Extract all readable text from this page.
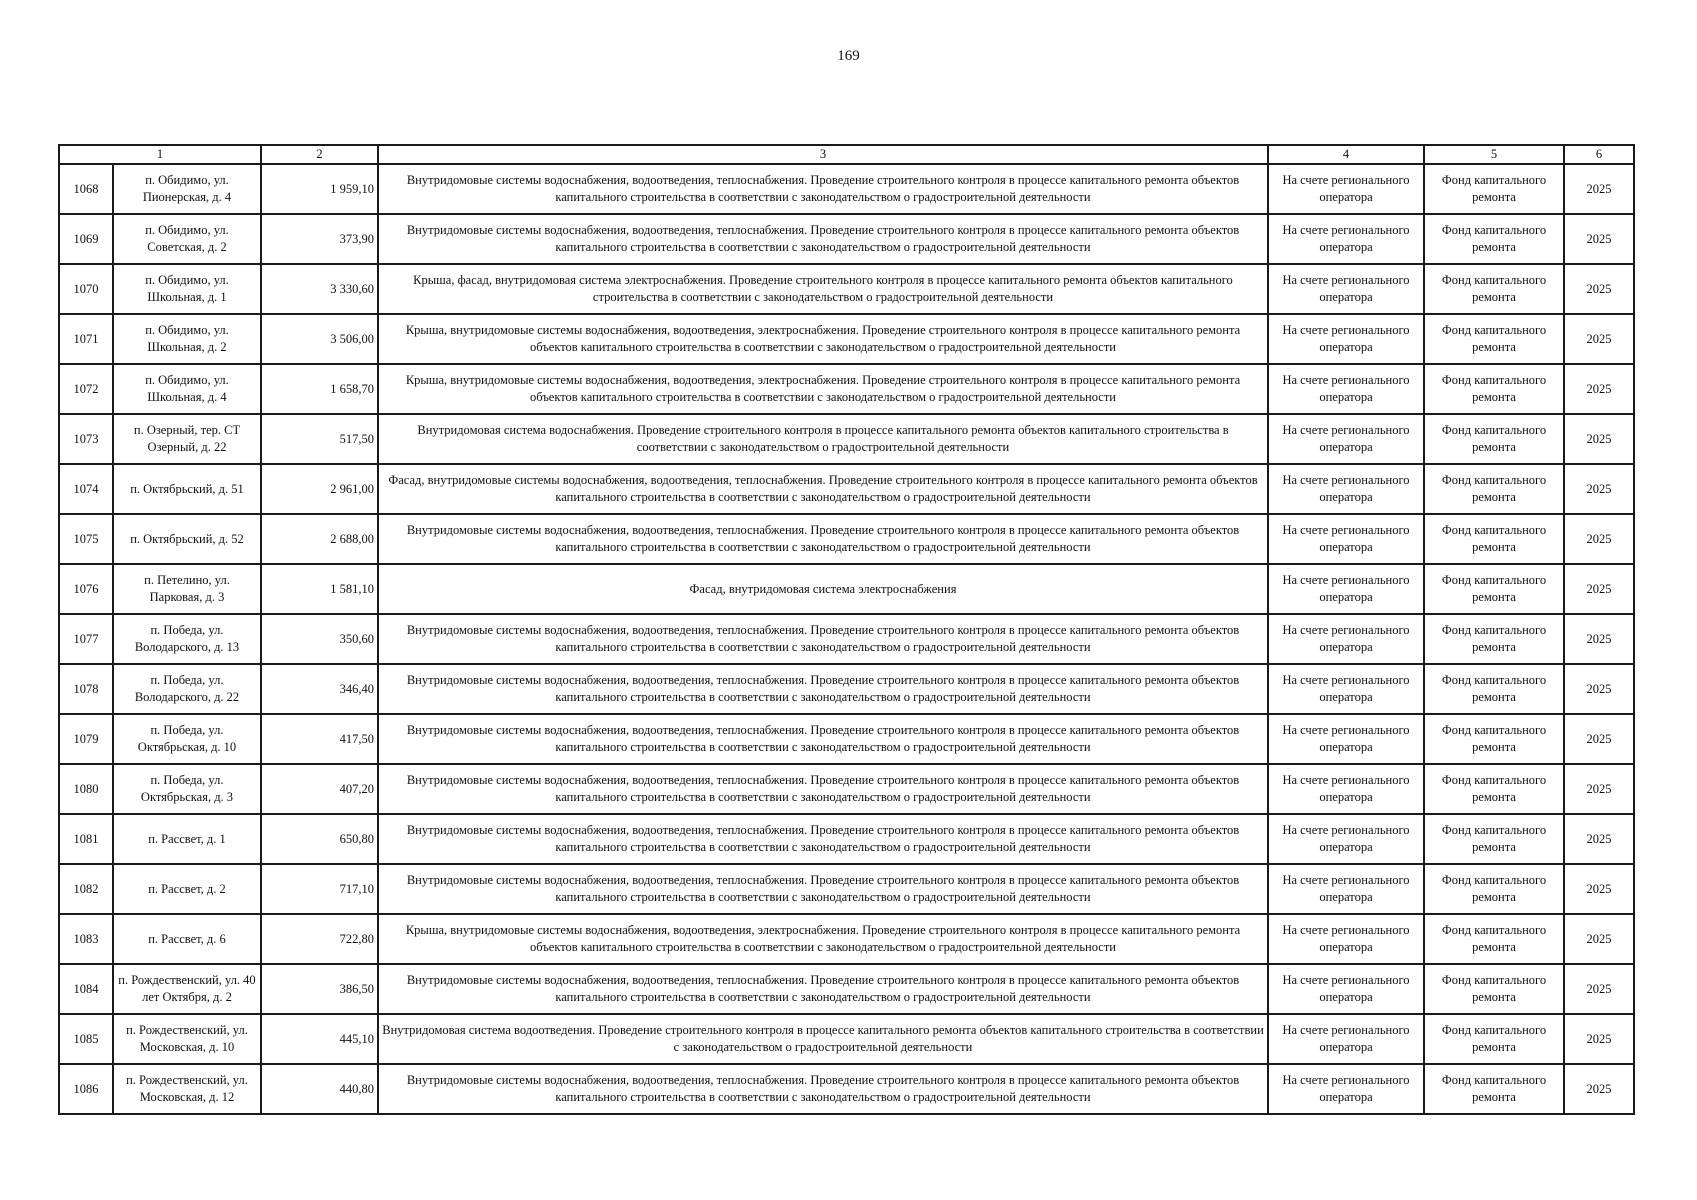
169
1		2	3	4	5	6
1068	п. Обидимо, ул. Пионерская, д. 4	1 959,10	Внутридомовые системы водоснабжения, водоотведения, теплоснабжения. Проведение строительного контроля в процессе капитального ремонта объектов капитального строительства в соответствии с законодательством о градостроительной деятельности	На счете регионального оператора	Фонд капитального ремонта	2025
1069	п. Обидимо, ул. Советская, д. 2	373,90	Внутридомовые системы водоснабжения, водоотведения, теплоснабжения. Проведение строительного контроля в процессе капитального ремонта объектов капитального строительства в соответствии с законодательством о градостроительной деятельности	На счете регионального оператора	Фонд капитального ремонта	2025
1070	п. Обидимо, ул. Школьная, д. 1	3 330,60	Крыша, фасад, внутридомовая система электроснабжения. Проведение строительного контроля в процессе капитального ремонта объектов капитального строительства в соответствии с законодательством о градостроительной деятельности	На счете регионального оператора	Фонд капитального ремонта	2025
1071	п. Обидимо, ул. Школьная, д. 2	3 506,00	Крыша, внутридомовые системы водоснабжения, водоотведения, электроснабжения. Проведение строительного контроля в процессе капитального ремонта объектов капитального строительства в соответствии с законодательством о градостроительной деятельности	На счете регионального оператора	Фонд капитального ремонта	2025
1072	п. Обидимо, ул. Школьная, д. 4	1 658,70	Крыша, внутридомовые системы водоснабжения, водоотведения, электроснабжения. Проведение строительного контроля в процессе капитального ремонта объектов капитального строительства в соответствии с законодательством о градостроительной деятельности	На счете регионального оператора	Фонд капитального ремонта	2025
1073	п. Озерный, тер. СТ Озерный, д. 22	517,50	Внутридомовая система водоснабжения. Проведение строительного контроля в процессе капитального ремонта объектов капитального строительства в соответствии с законодательством о градостроительной деятельности	На счете регионального оператора	Фонд капитального ремонта	2025
1074	п. Октябрьский, д. 51	2 961,00	Фасад, внутридомовые системы водоснабжения, водоотведения, теплоснабжения. Проведение строительного контроля в процессе капитального ремонта объектов капитального строительства в соответствии с законодательством о градостроительной деятельности	На счете регионального оператора	Фонд капитального ремонта	2025
1075	п. Октябрьский, д. 52	2 688,00	Внутридомовые системы водоснабжения, водоотведения, теплоснабжения. Проведение строительного контроля в процессе капитального ремонта объектов капитального строительства в соответствии с законодательством о градостроительной деятельности	На счете регионального оператора	Фонд капитального ремонта	2025
1076	п. Петелино, ул. Парковая, д. 3	1 581,10	Фасад, внутридомовая система электроснабжения	На счете регионального оператора	Фонд капитального ремонта	2025
1077	п. Победа, ул. Володарского, д. 13	350,60	Внутридомовые системы водоснабжения, водоотведения, теплоснабжения. Проведение строительного контроля в процессе капитального ремонта объектов капитального строительства в соответствии с законодательством о градостроительной деятельности	На счете регионального оператора	Фонд капитального ремонта	2025
1078	п. Победа, ул. Володарского, д. 22	346,40	Внутридомовые системы водоснабжения, водоотведения, теплоснабжения. Проведение строительного контроля в процессе капитального ремонта объектов капитального строительства в соответствии с законодательством о градостроительной деятельности	На счете регионального оператора	Фонд капитального ремонта	2025
1079	п. Победа, ул. Октябрьская, д. 10	417,50	Внутридомовые системы водоснабжения, водоотведения, теплоснабжения. Проведение строительного контроля в процессе капитального ремонта объектов капитального строительства в соответствии с законодательством о градостроительной деятельности	На счете регионального оператора	Фонд капитального ремонта	2025
1080	п. Победа, ул. Октябрьская, д. 3	407,20	Внутридомовые системы водоснабжения, водоотведения, теплоснабжения. Проведение строительного контроля в процессе капитального ремонта объектов капитального строительства в соответствии с законодательством о градостроительной деятельности	На счете регионального оператора	Фонд капитального ремонта	2025
1081	п. Рассвет, д. 1	650,80	Внутридомовые системы водоснабжения, водоотведения, теплоснабжения. Проведение строительного контроля в процессе капитального ремонта объектов капитального строительства в соответствии с законодательством о градостроительной деятельности	На счете регионального оператора	Фонд капитального ремонта	2025
1082	п. Рассвет, д. 2	717,10	Внутридомовые системы водоснабжения, водоотведения, теплоснабжения. Проведение строительного контроля в процессе капитального ремонта объектов капитального строительства в соответствии с законодательством о градостроительной деятельности	На счете регионального оператора	Фонд капитального ремонта	2025
1083	п. Рассвет, д. 6	722,80	Крыша, внутридомовые системы водоснабжения, водоотведения, электроснабжения. Проведение строительного контроля в процессе капитального ремонта объектов капитального строительства в соответствии с законодательством о градостроительной деятельности	На счете регионального оператора	Фонд капитального ремонта	2025
1084	п. Рождественский, ул. 40 лет Октября, д. 2	386,50	Внутридомовые системы водоснабжения, водоотведения, теплоснабжения. Проведение строительного контроля в процессе капитального ремонта объектов капитального строительства в соответствии с законодательством о градостроительной деятельности	На счете регионального оператора	Фонд капитального ремонта	2025
1085	п. Рождественский, ул. Московская, д. 10	445,10	Внутридомовая система водоотведения. Проведение строительного контроля в процессе капитального ремонта объектов капитального строительства в соответствии с законодательством о градостроительной деятельности	На счете регионального оператора	Фонд капитального ремонта	2025
1086	п. Рождественский, ул. Московская, д. 12	440,80	Внутридомовые системы водоснабжения, водоотведения, теплоснабжения. Проведение строительного контроля в процессе капитального ремонта объектов капитального строительства в соответствии с законодательством о градостроительной деятельности	На счете регионального оператора	Фонд капитального ремонта	2025
